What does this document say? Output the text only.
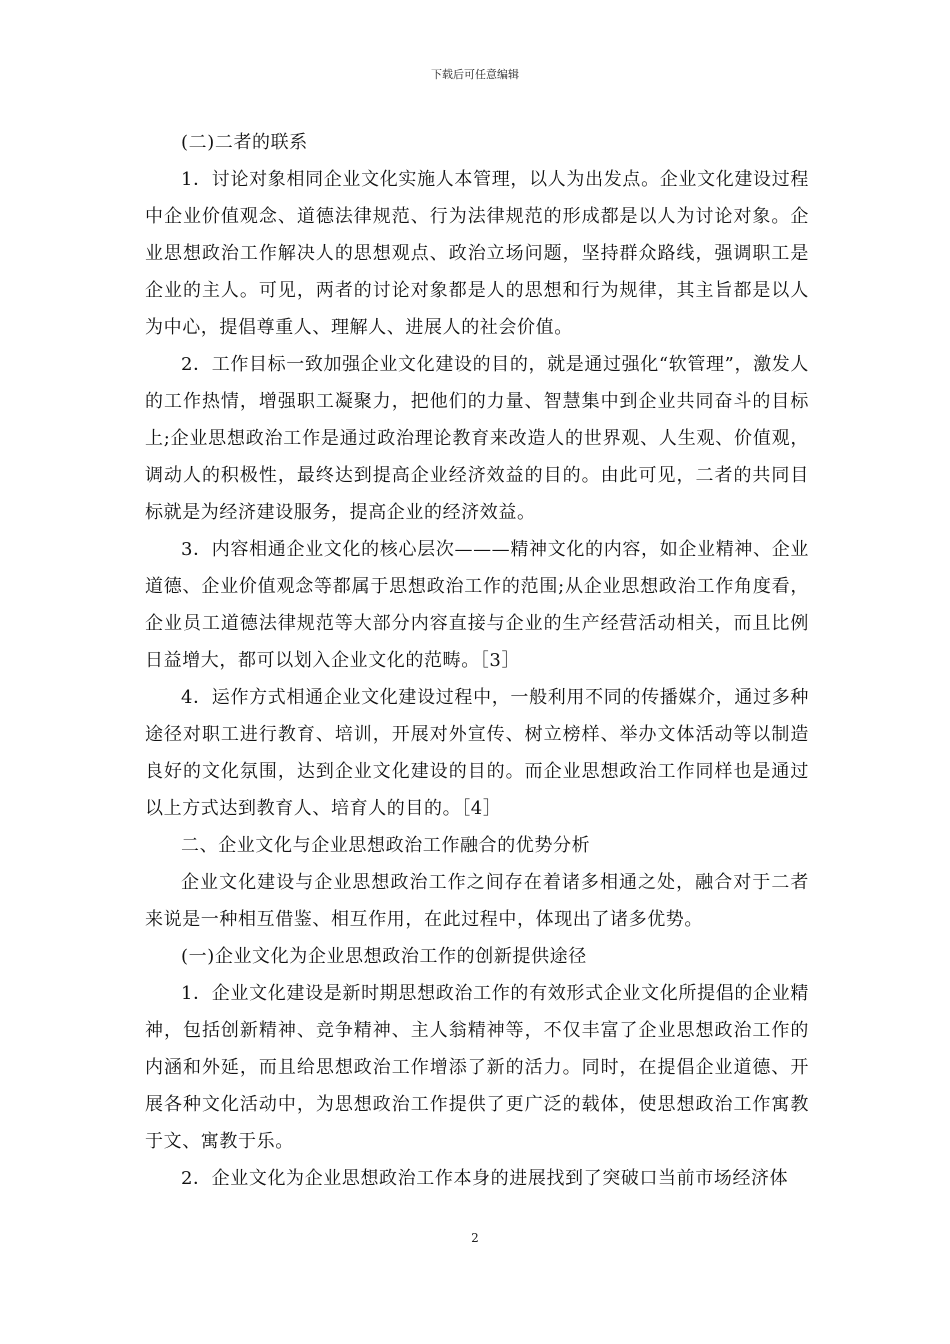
下载后可任意编辑

(二)二者的联系

1．讨论对象相同企业文化实施人本管理，以人为出发点。企业文化建设过程中企业价值观念、道德法律规范、行为法律规范的形成都是以人为讨论对象。企业思想政治工作解决人的思想观点、政治立场问题，坚持群众路线，强调职工是企业的主人。可见，两者的讨论对象都是人的思想和行为规律，其主旨都是以人为中心，提倡尊重人、理解人、进展人的社会价值。

2．工作目标一致加强企业文化建设的目的，就是通过强化“软管理”，激发人的工作热情，增强职工凝聚力，把他们的力量、智慧集中到企业共同奋斗的目标上;企业思想政治工作是通过政治理论教育来改造人的世界观、人生观、价值观，调动人的积极性，最终达到提高企业经济效益的目的。由此可见，二者的共同目标就是为经济建设服务，提高企业的经济效益。

3．内容相通企业文化的核心层次———精神文化的内容，如企业精神、企业道德、企业价值观念等都属于思想政治工作的范围;从企业思想政治工作角度看，企业员工道德法律规范等大部分内容直接与企业的生产经营活动相关，而且比例日益增大，都可以划入企业文化的范畴。［3］

4．运作方式相通企业文化建设过程中，一般利用不同的传播媒介，通过多种途径对职工进行教育、培训，开展对外宣传、树立榜样、举办文体活动等以制造良好的文化氛围，达到企业文化建设的目的。而企业思想政治工作同样也是通过以上方式达到教育人、培育人的目的。［4］

二、企业文化与企业思想政治工作融合的优势分析

企业文化建设与企业思想政治工作之间存在着诸多相通之处，融合对于二者来说是一种相互借鉴、相互作用，在此过程中，体现出了诸多优势。

(一)企业文化为企业思想政治工作的创新提供途径

1．企业文化建设是新时期思想政治工作的有效形式企业文化所提倡的企业精神，包括创新精神、竞争精神、主人翁精神等，不仅丰富了企业思想政治工作的内涵和外延，而且给思想政治工作增添了新的活力。同时，在提倡企业道德、开展各种文化活动中，为思想政治工作提供了更广泛的载体，使思想政治工作寓教于文、寓教于乐。

2．企业文化为企业思想政治工作本身的进展找到了突破口当前市场经济体

2
